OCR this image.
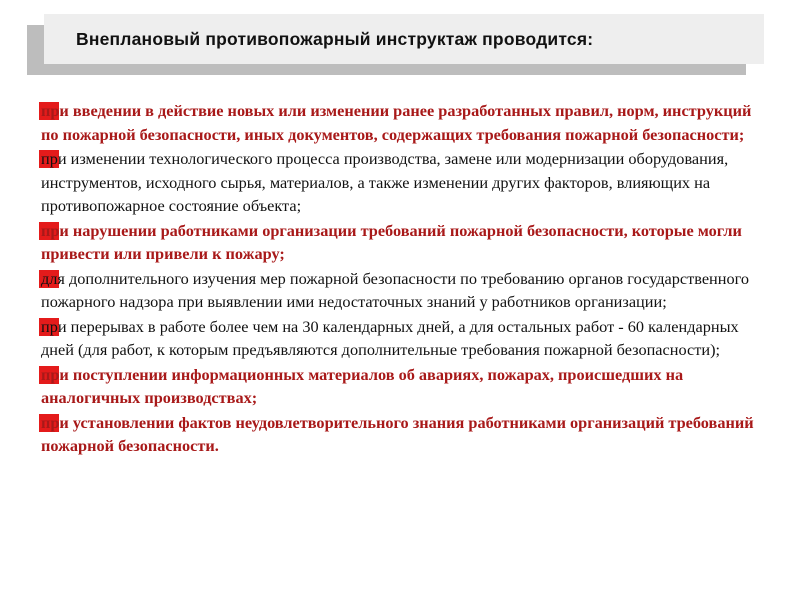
Внеплановый противопожарный инструктаж проводится:
при введении в действие новых или изменении ранее разработанных правил, норм, инструкций по пожарной безопасности, иных документов, содержащих требования пожарной безопасности;
при изменении технологического процесса производства, замене или модернизации оборудования, инструментов, исходного сырья, материалов, а также изменении других факторов, влияющих на противопожарное состояние объекта;
при нарушении работниками организации требований пожарной безопасности, которые могли привести или привели к пожару;
для дополнительного изучения мер пожарной безопасности по требованию органов государственного пожарного надзора при выявлении ими недостаточных знаний у работников организации;
при перерывах в работе более чем на 30 календарных дней, а для остальных работ - 60 календарных дней (для работ, к которым предъявляются дополнительные требования пожарной безопасности);
при поступлении информационных материалов об авариях, пожарах, происшедших на аналогичных производствах;
при установлении фактов неудовлетворительного знания работниками организаций требований пожарной безопасности.
